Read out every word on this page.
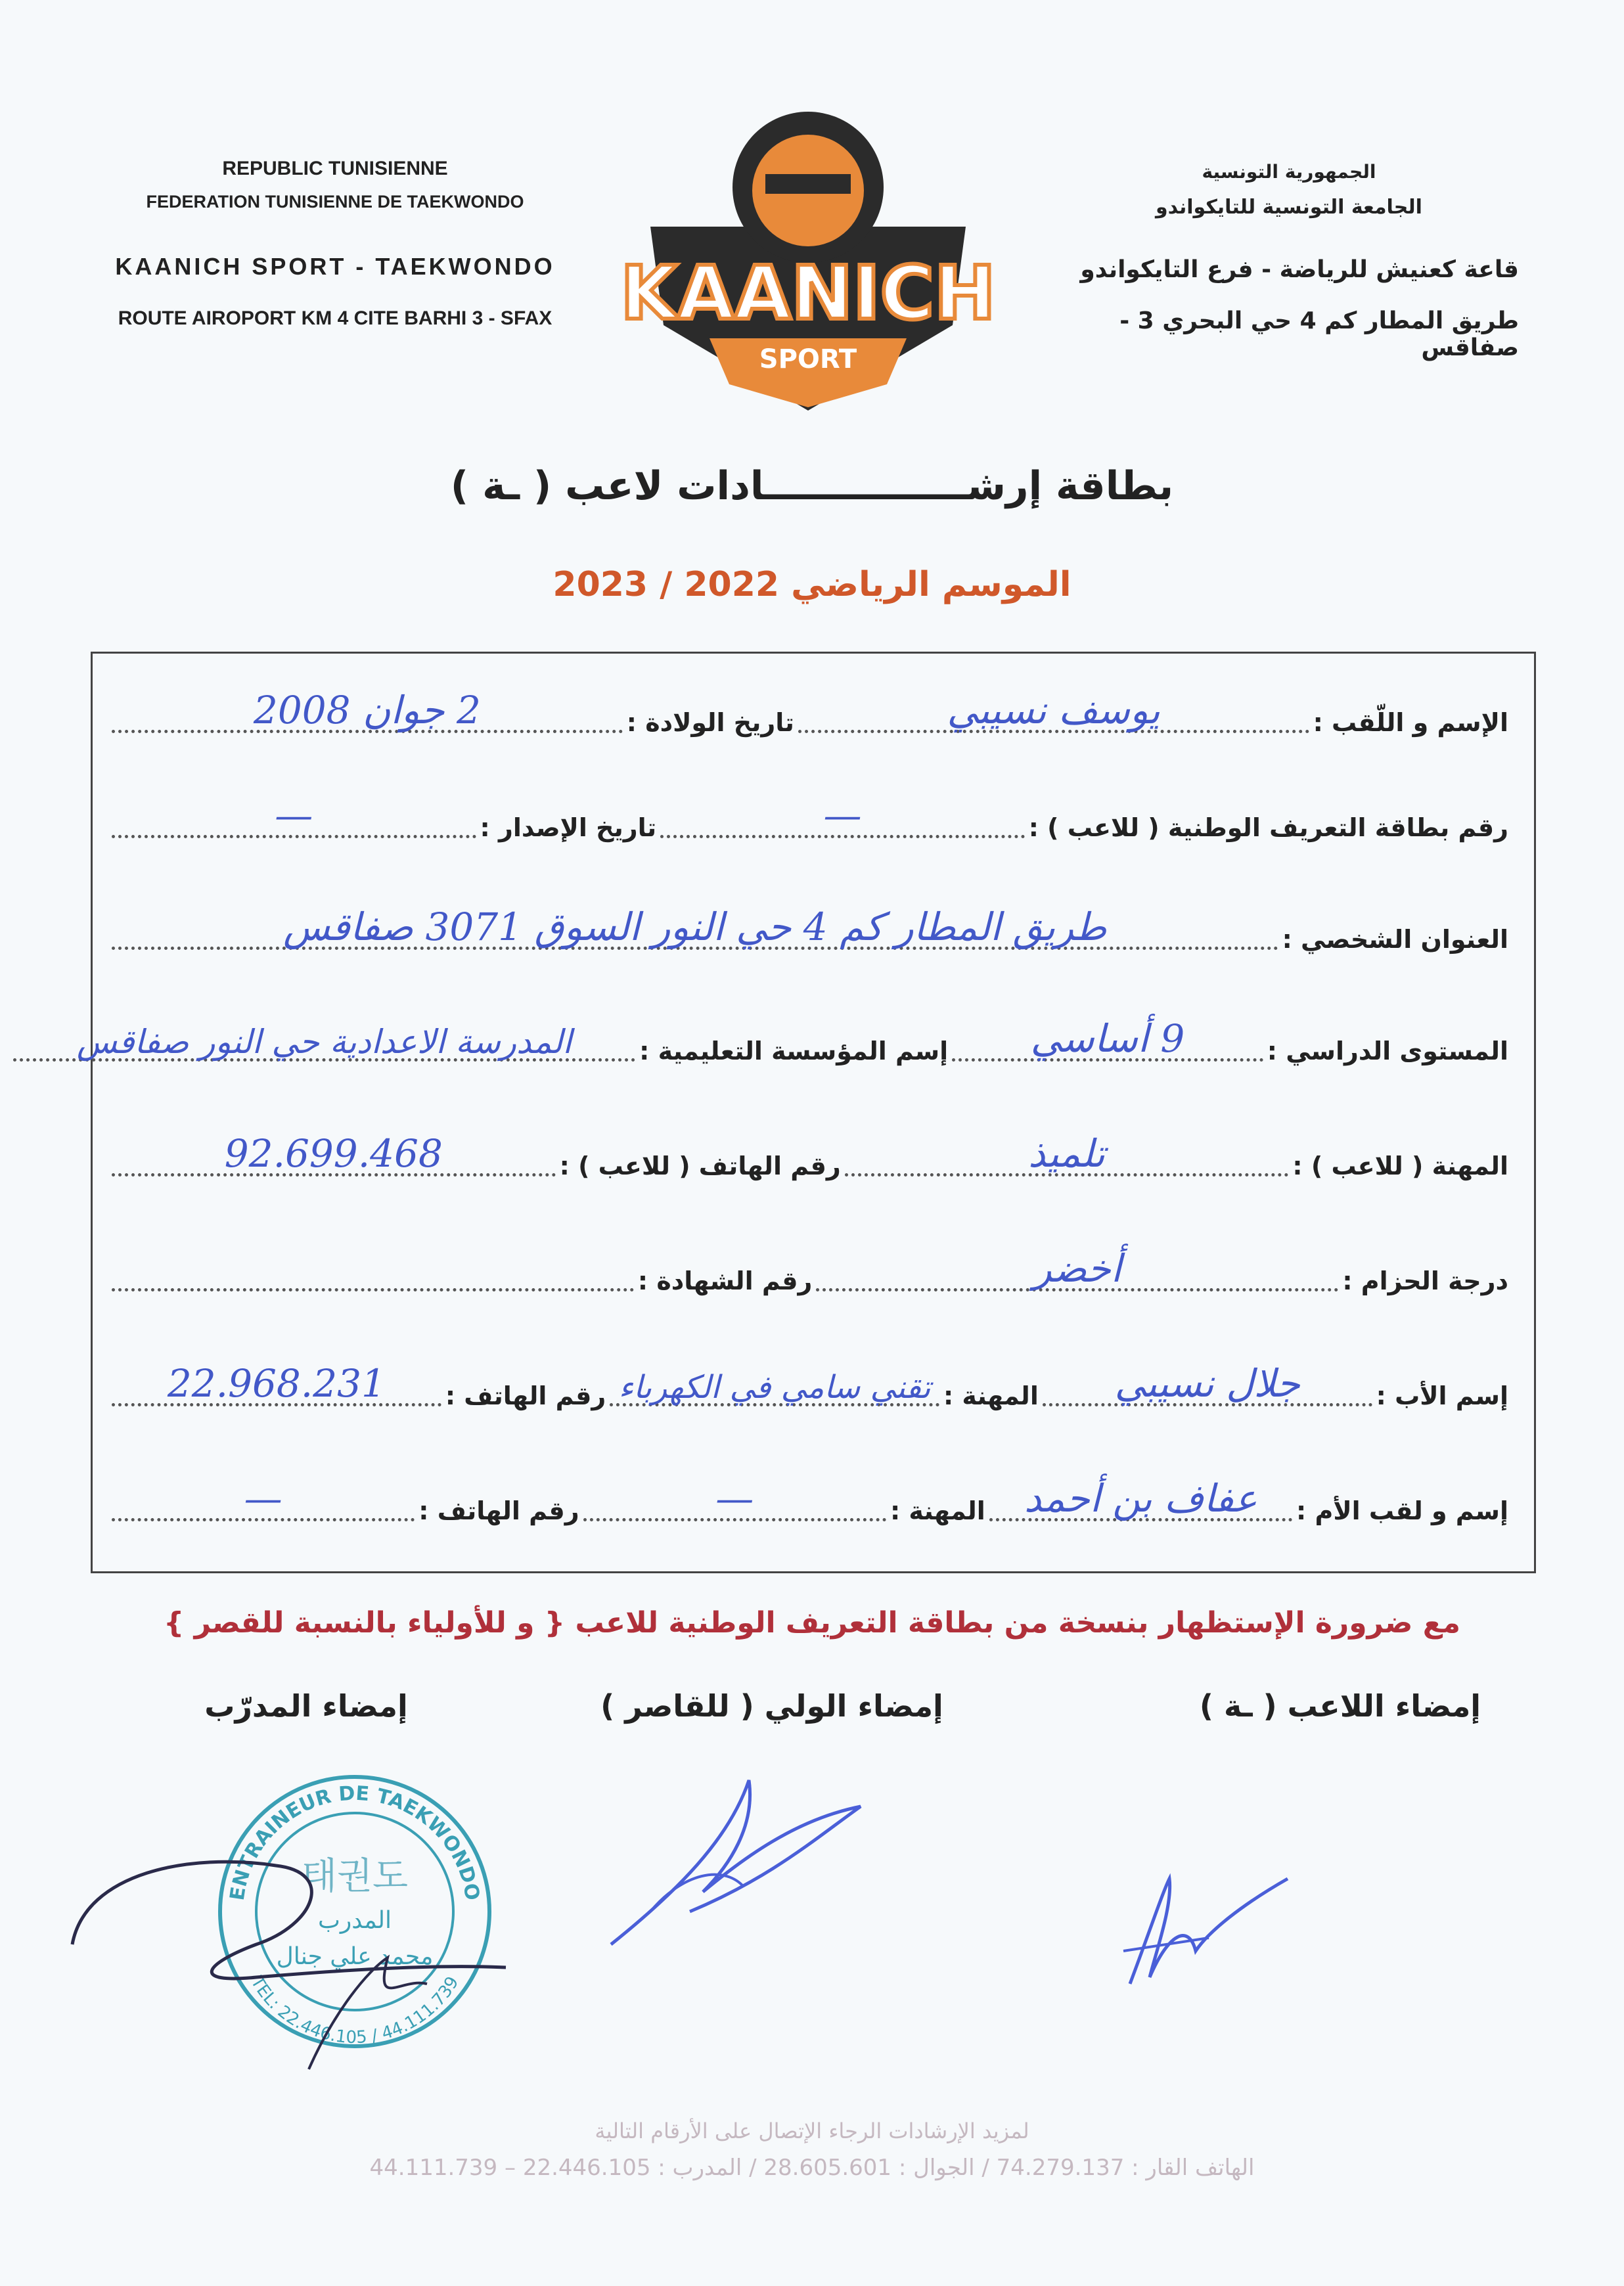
REPUBLIC TUNISIENNE
FEDERATION TUNISIENNE DE TAEKWONDO
KAANICH SPORT - TAEKWONDO
ROUTE AIROPORT KM 4 CITE BARHI 3 - SFAX KAANICH
SPORT
الجمهورية التونسية
الجامعة التونسية للتايكواندو
قاعة كعنيش للرياضة - فرع التايكواندو
طريق المطار كم 4 حي البحري 3 - صفاقس
بطاقة إرشـــــــــــــــادات لاعب ( ـة )
الموسم الرياضي 2022 / 2023
الإسم و اللّقب :
يوسف نسيبي
تاريخ الولادة :
2 جوان 2008
رقم بطاقة التعريف الوطنية ( للاعب ) :
—
تاريخ الإصدار :
—
العنوان الشخصي :
طريق المطار كم 4 حي النور السوق 3071 صفاقس
المستوى الدراسي :
9 أساسي
إسم المؤسسة التعليمية :
المدرسة الاعدادية حي النور صفاقس
المهنة ( للاعب ) :
تلميذ
رقم الهاتف ( للاعب ) :
92.699.468
درجة الحزام :
أخضر
رقم الشهادة :
إسم الأب :
جلال نسيبي
المهنة :
تقني سامي في الكهرباء
رقم الهاتف :
22.968.231
إسم و لقب الأم :
عفاف بن أحمد
المهنة :
—
رقم الهاتف :
—
مع ضرورة الإستظهار بنسخة من بطاقة التعريف الوطنية للاعب { و للأولياء بالنسبة للقصر }
إمضاء اللاعب ( ـة )
إمضاء الولي ( للقاصر )
إمضاء المدرّب
ENTRAINEUR DE TAEKWONDO
TEL: 22.446.105 / 44.111.739
태권도
المدرب
محمد علي جنال
لمزيد الإرشادات الرجاء الإتصال على الأرقام التالية
الهاتف القار : 74.279.137 / الجوال : 28.605.601 / المدرب : 22.446.105 – 44.111.739
